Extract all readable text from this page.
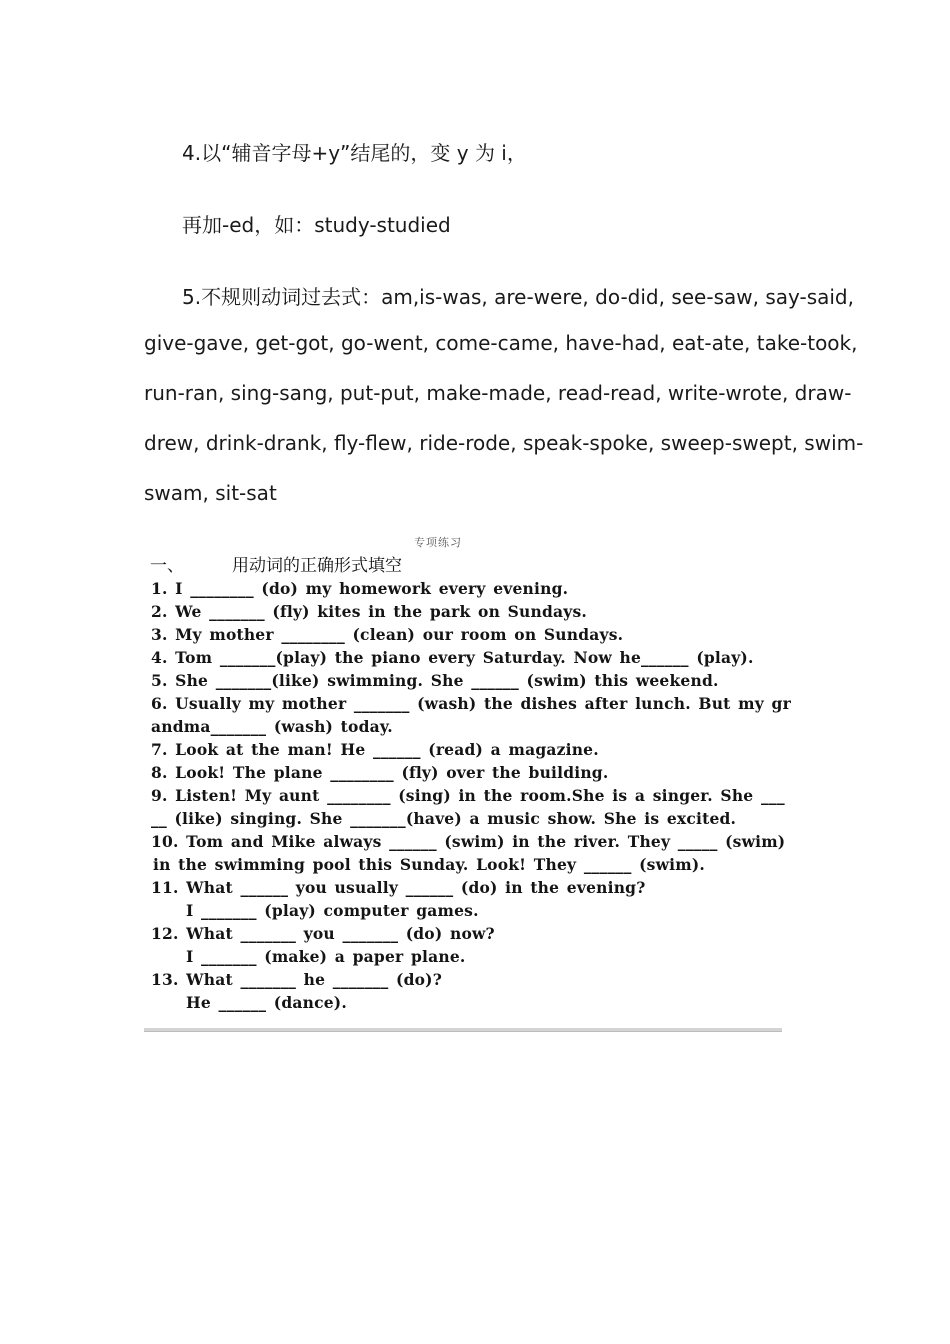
4.以“辅音字母+y”结尾的，变 y 为 i，
再加-ed，如：study-studied
5.不规则动词过去式：am,is-was, are-were, do-did, see-saw, say-said,
give-gave, get-got, go-went, come-came, have-had, eat-ate, take-took,
run-ran, sing-sang, put-put, make-made, read-read, write-wrote, draw-
drew, drink-drank, fly-flew, ride-rode, speak-spoke, sweep-swept, swim-
swam, sit-sat
专项练习
一、	用动词的正确形式填空
1. I ________ (do) my homework every evening.
2. We _______ (fly) kites in the park on Sundays.
3. My mother ________ (clean) our room on Sundays.
4. Tom _______(play) the piano every Saturday. Now he______ (play).
5. She _______(like) swimming. She ______ (swim) this weekend.
6. Usually my mother _______ (wash) the dishes after lunch. But my gr
andma_______ (wash) today.
7. Look at the man! He ______ (read) a magazine.
8. Look! The plane ________ (fly) over the building.
9. Listen! My aunt ________ (sing) in the room.She is a singer. She ___
__ (like) singing. She _______(have) a music show. She is excited.
10. Tom and Mike always ______ (swim) in the river. They _____ (swim)
in the swimming pool this Sunday. Look! They ______ (swim).
11. What ______ you usually ______ (do) in the evening?
I _______ (play) computer games.
12. What _______ you _______ (do) now?
I _______ (make) a paper plane.
13. What _______ he _______ (do)?
He ______ (dance).
